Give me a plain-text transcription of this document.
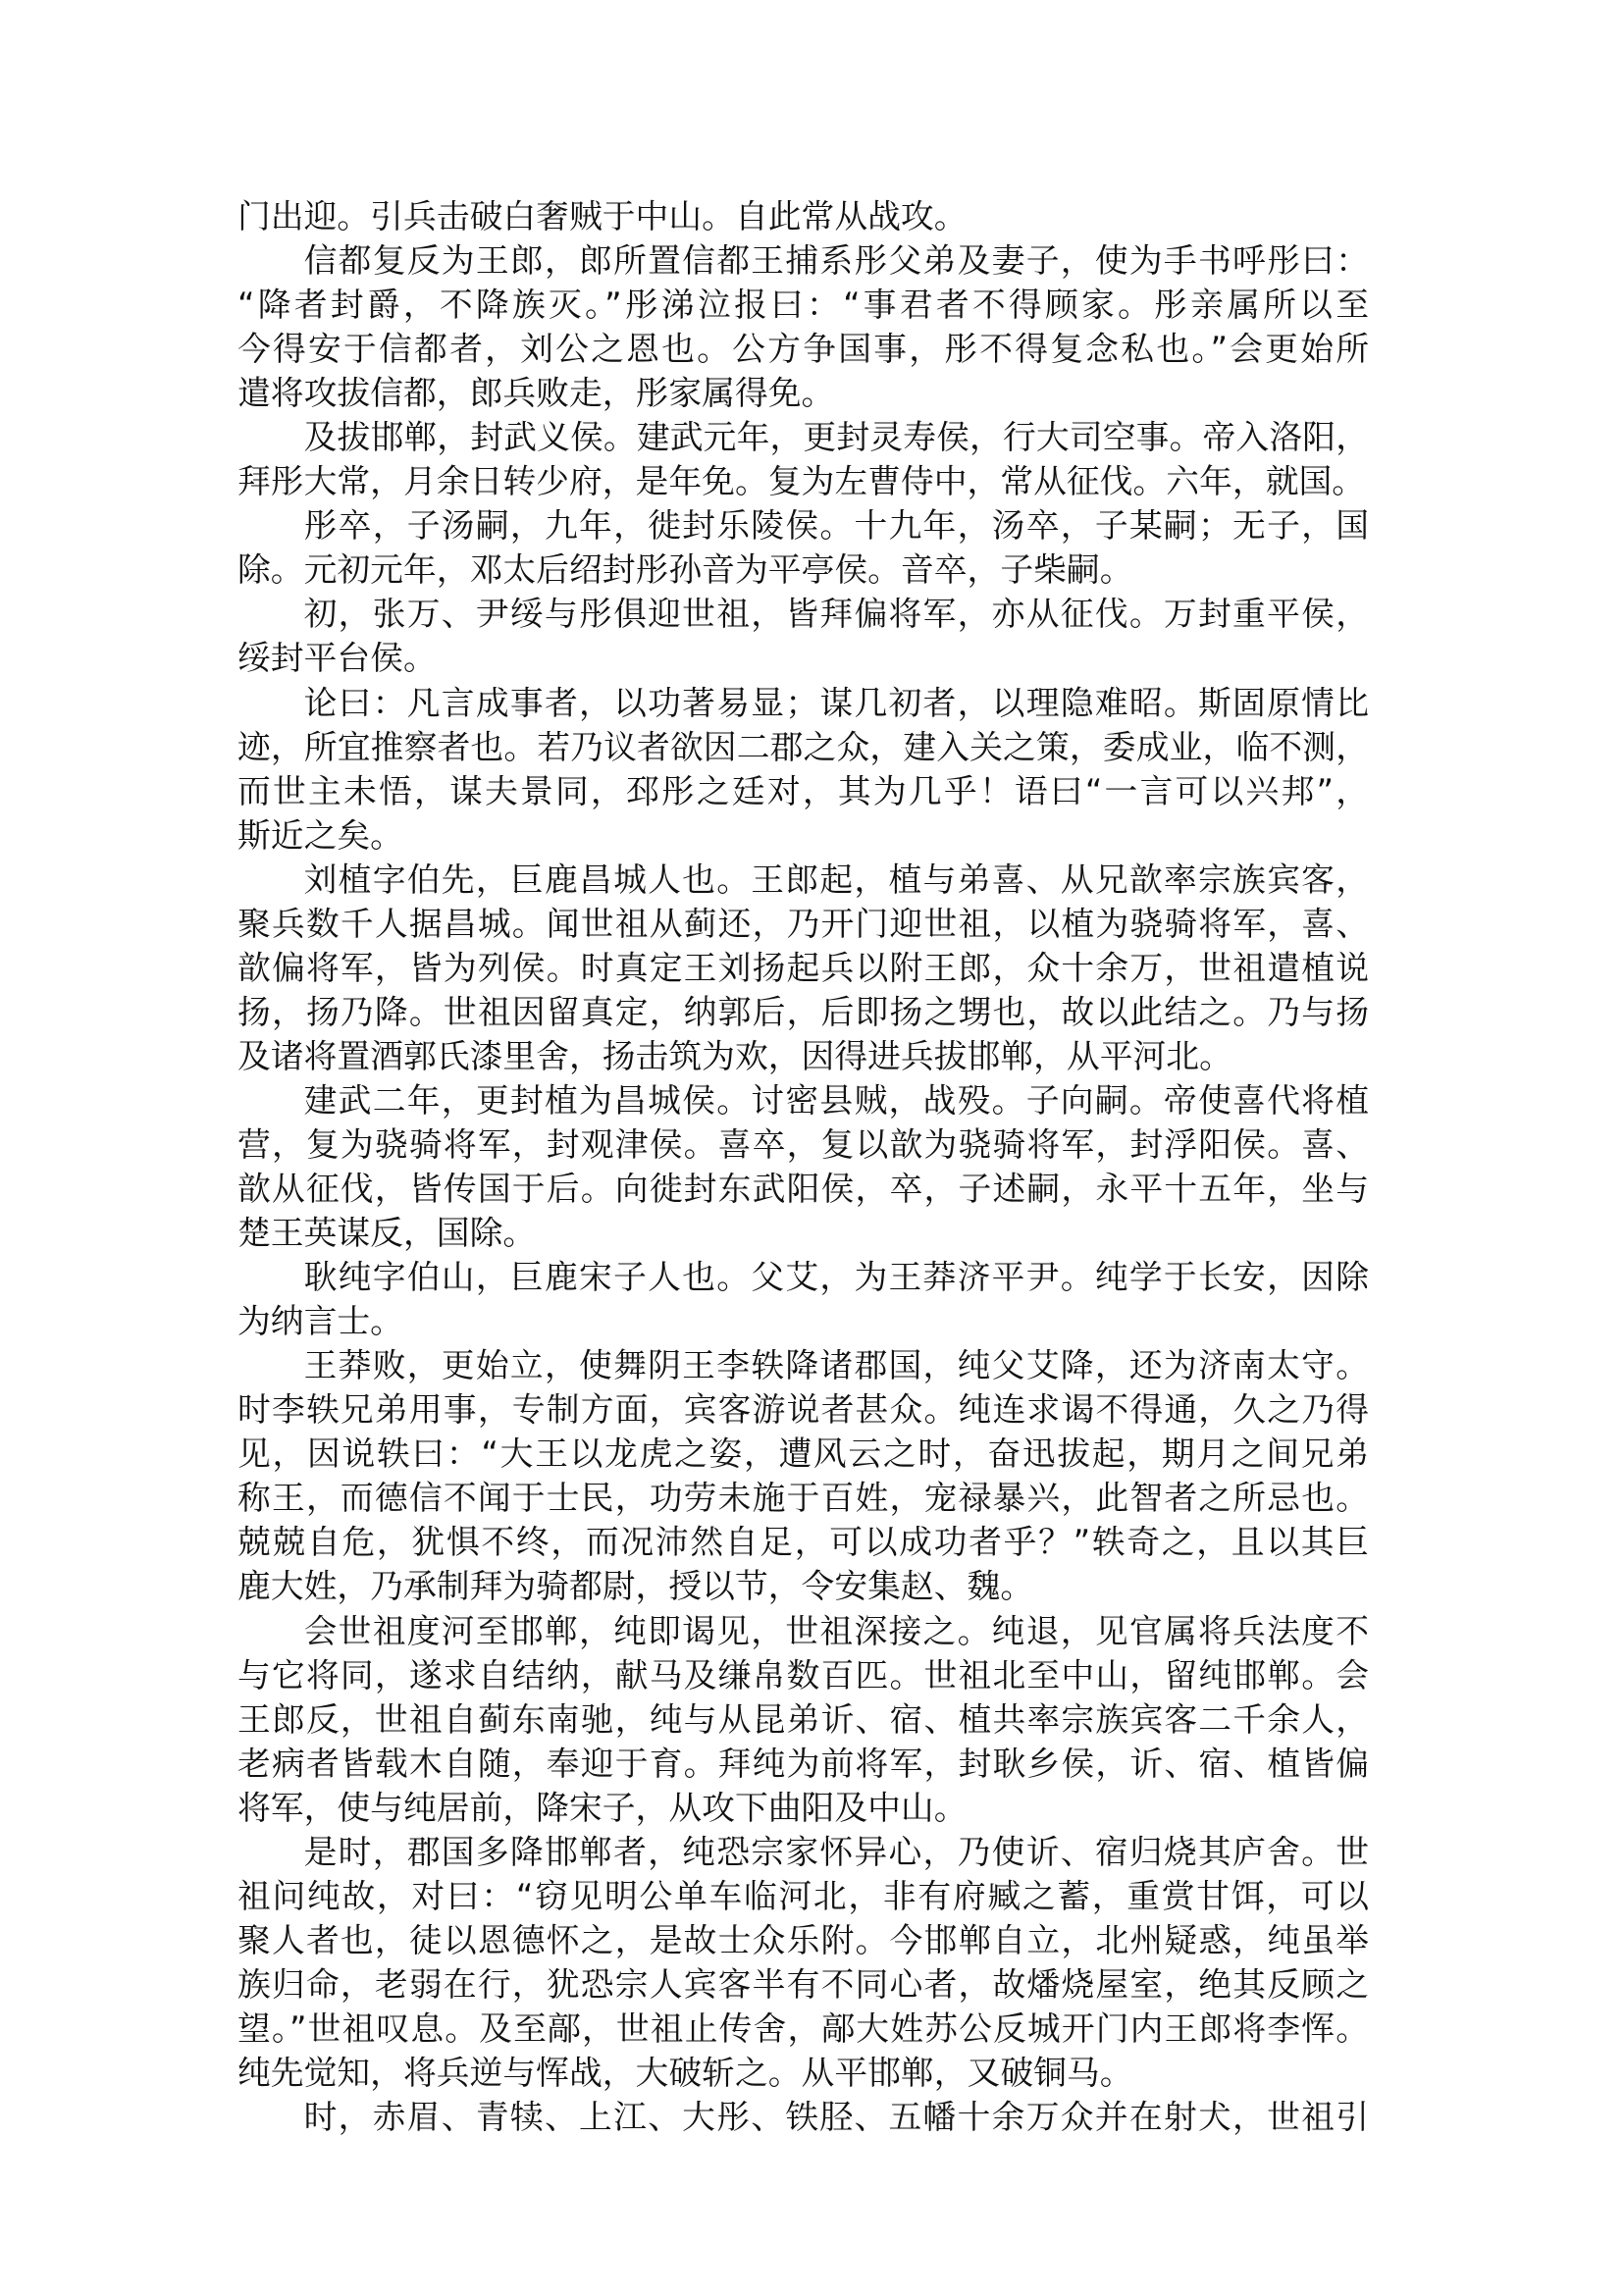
门出迎。引兵击破白奢贼于中山。自此常从战攻。
信都复反为王郎，郎所置信都王捕系彤父弟及妻子，使为手书呼彤曰：
“降者封爵，不降族灭。”彤涕泣报曰：“事君者不得顾家。彤亲属所以至
今得安于信都者，刘公之恩也。公方争国事，彤不得复念私也。”会更始所
遣将攻拔信都，郎兵败走，彤家属得免。
及拔邯郸，封武义侯。建武元年，更封灵寿侯，行大司空事。帝入洛阳，
拜彤大常，月余日转少府，是年免。复为左曹侍中，常从征伐。六年，就国。
彤卒，子汤嗣，九年，徙封乐陵侯。十九年，汤卒，子某嗣；无子，国
除。元初元年，邓太后绍封彤孙音为平亭侯。音卒，子柴嗣。
初，张万、尹绥与彤俱迎世祖，皆拜偏将军，亦从征伐。万封重平侯，
绥封平台侯。
论曰：凡言成事者，以功著易显；谋几初者，以理隐难昭。斯固原情比
迹，所宜推察者也。若乃议者欲因二郡之众，建入关之策，委成业，临不测，
而世主未悟，谋夫景同，邳彤之廷对，其为几乎！语曰“一言可以兴邦”，
斯近之矣。
刘植字伯先，巨鹿昌城人也。王郎起，植与弟喜、从兄歆率宗族宾客，
聚兵数千人据昌城。闻世祖从蓟还，乃开门迎世祖，以植为骁骑将军，喜、
歆偏将军，皆为列侯。时真定王刘扬起兵以附王郎，众十余万，世祖遣植说
扬，扬乃降。世祖因留真定，纳郭后，后即扬之甥也，故以此结之。乃与扬
及诸将置酒郭氏漆里舍，扬击筑为欢，因得进兵拔邯郸，从平河北。
建武二年，更封植为昌城侯。讨密县贼，战殁。子向嗣。帝使喜代将植
营，复为骁骑将军，封观津侯。喜卒，复以歆为骁骑将军，封浮阳侯。喜、
歆从征伐，皆传国于后。向徙封东武阳侯，卒，子述嗣，永平十五年，坐与
楚王英谋反，国除。
耿纯字伯山，巨鹿宋子人也。父艾，为王莽济平尹。纯学于长安，因除
为纳言士。
王莽败，更始立，使舞阴王李轶降诸郡国，纯父艾降，还为济南太守。
时李轶兄弟用事，专制方面，宾客游说者甚众。纯连求谒不得通，久之乃得
见，因说轶曰：“大王以龙虎之姿，遭风云之时，奋迅拔起，期月之间兄弟
称王，而德信不闻于士民，功劳未施于百姓，宠禄暴兴，此智者之所忌也。
兢兢自危，犹惧不终，而况沛然自足，可以成功者乎？”轶奇之，且以其巨
鹿大姓，乃承制拜为骑都尉，授以节，令安集赵、魏。
会世祖度河至邯郸，纯即谒见，世祖深接之。纯退，见官属将兵法度不
与它将同，遂求自结纳，献马及缣帛数百匹。世祖北至中山，留纯邯郸。会
王郎反，世祖自蓟东南驰，纯与从昆弟䜣、宿、植共率宗族宾客二千余人，
老病者皆载木自随，奉迎于育。拜纯为前将军，封耿乡侯，䜣、宿、植皆偏
将军，使与纯居前，降宋子，从攻下曲阳及中山。
是时，郡国多降邯郸者，纯恐宗家怀异心，乃使䜣、宿归烧其庐舍。世
祖问纯故，对曰：“窃见明公单车临河北，非有府臧之蓄，重赏甘饵，可以
聚人者也，徒以恩德怀之，是故士众乐附。今邯郸自立，北州疑惑，纯虽举
族归命，老弱在行，犹恐宗人宾客半有不同心者，故燔烧屋室，绝其反顾之
望。”世祖叹息。及至鄗，世祖止传舍，鄗大姓苏公反城开门内王郎将李恽。
纯先觉知，将兵逆与恽战，大破斩之。从平邯郸，又破铜马。
时，赤眉、青犊、上江、大彤、铁胫、五幡十余万众并在射犬，世祖引
